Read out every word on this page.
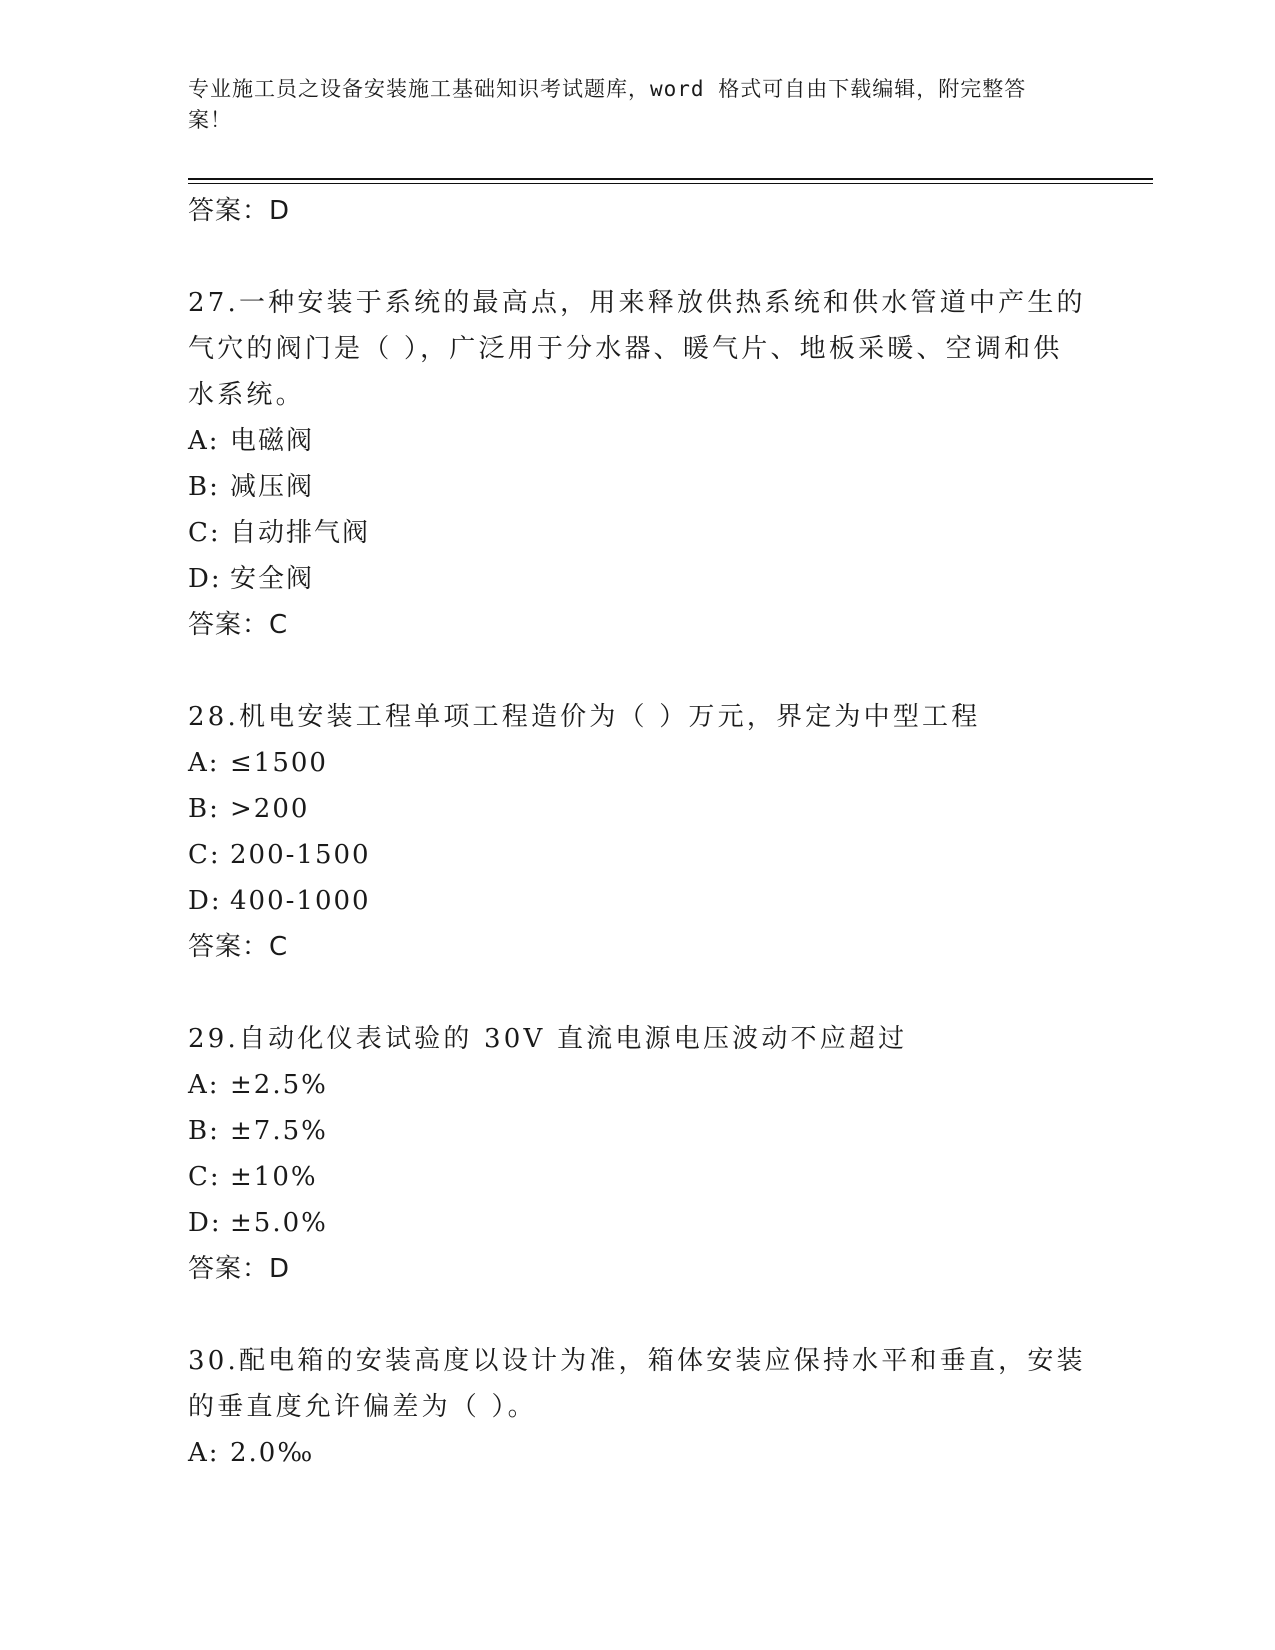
专业施工员之设备安装施工基础知识考试题库，word 格式可自由下载编辑，附完整答案！
答案：D
27.一种安装于系统的最高点，用来释放供热系统和供水管道中产生的气穴的阀门是（ ），广泛用于分水器、暖气片、地板采暖、空调和供水系统。
A: 电磁阀
B: 减压阀
C: 自动排气阀
D: 安全阀
答案：C
28.机电安装工程单项工程造价为（ ）万元，界定为中型工程
A: ≤1500
B: >200
C: 200-1500
D: 400-1000
答案：C
29.自动化仪表试验的 30V 直流电源电压波动不应超过
A: ±2.5%
B: ±7.5%
C: ±10%
D: ±5.0%
答案：D
30.配电箱的安装高度以设计为准，箱体安装应保持水平和垂直，安装的垂直度允许偏差为（ ）。
A: 2.0‰
